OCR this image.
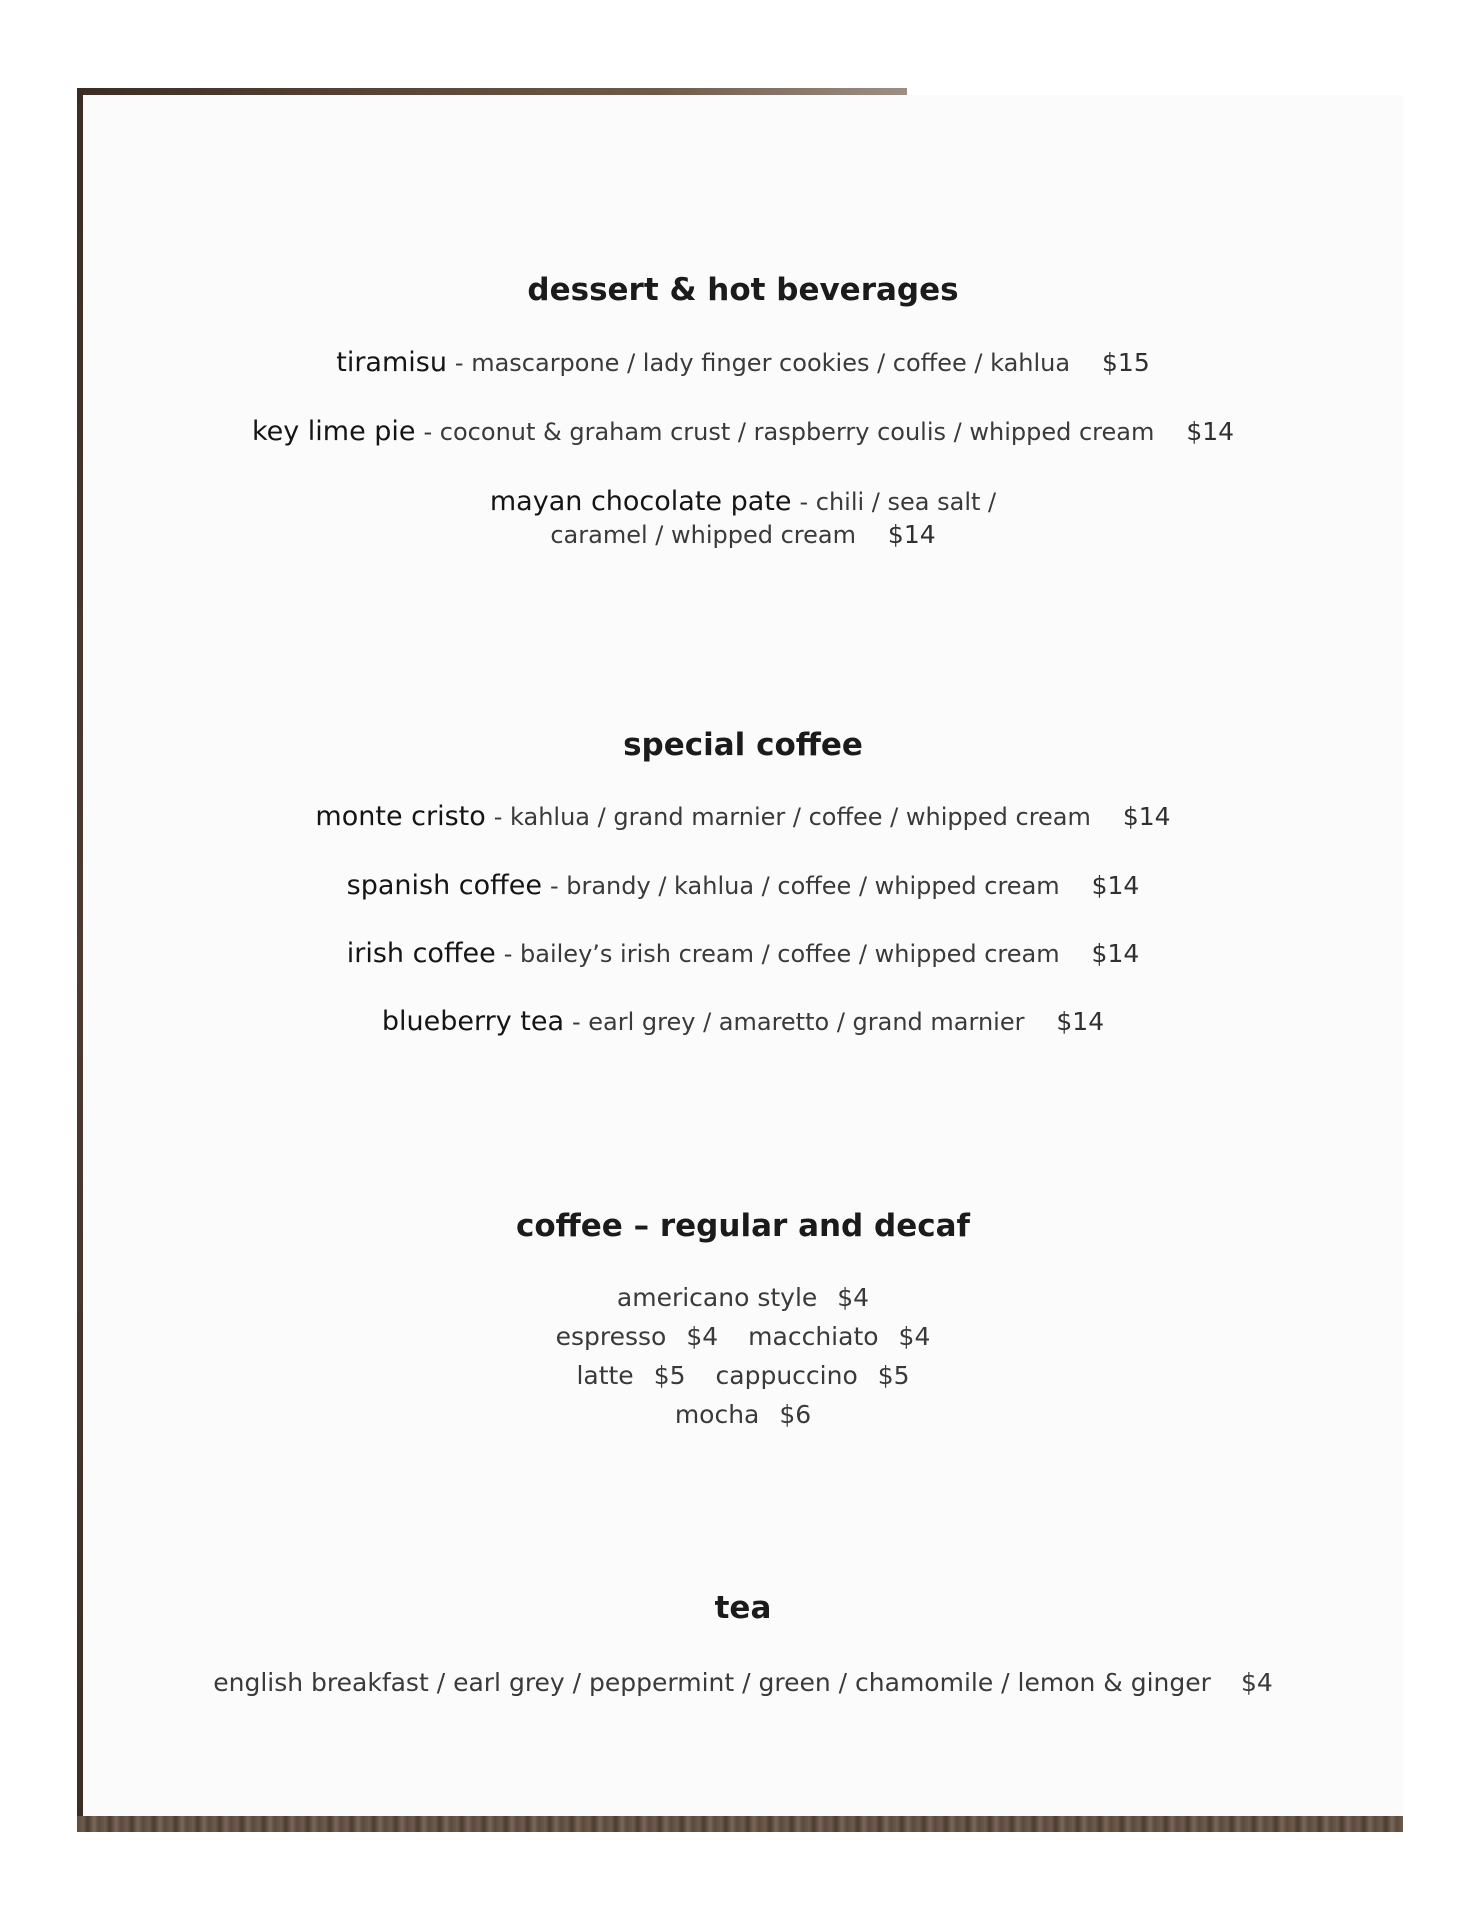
dessert & hot beverages
tiramisu - mascarpone / lady finger cookies / coffee / kahlua $15
key lime pie - coconut & graham crust / raspberry coulis / whipped cream $14
mayan chocolate pate - chili / sea salt /
caramel / whipped cream $14
special coffee
monte cristo - kahlua / grand marnier / coffee / whipped cream $14
spanish coffee - brandy / kahlua / coffee / whipped cream $14
irish coffee - bailey’s irish cream / coffee / whipped cream $14
blueberry tea - earl grey / amaretto / grand marnier $14
coffee – regular and decaf
americano style $4
espresso $4 macchiato $4
latte $5 cappuccino $5
mocha $6
tea
english breakfast / earl grey / peppermint / green / chamomile / lemon & ginger $4
